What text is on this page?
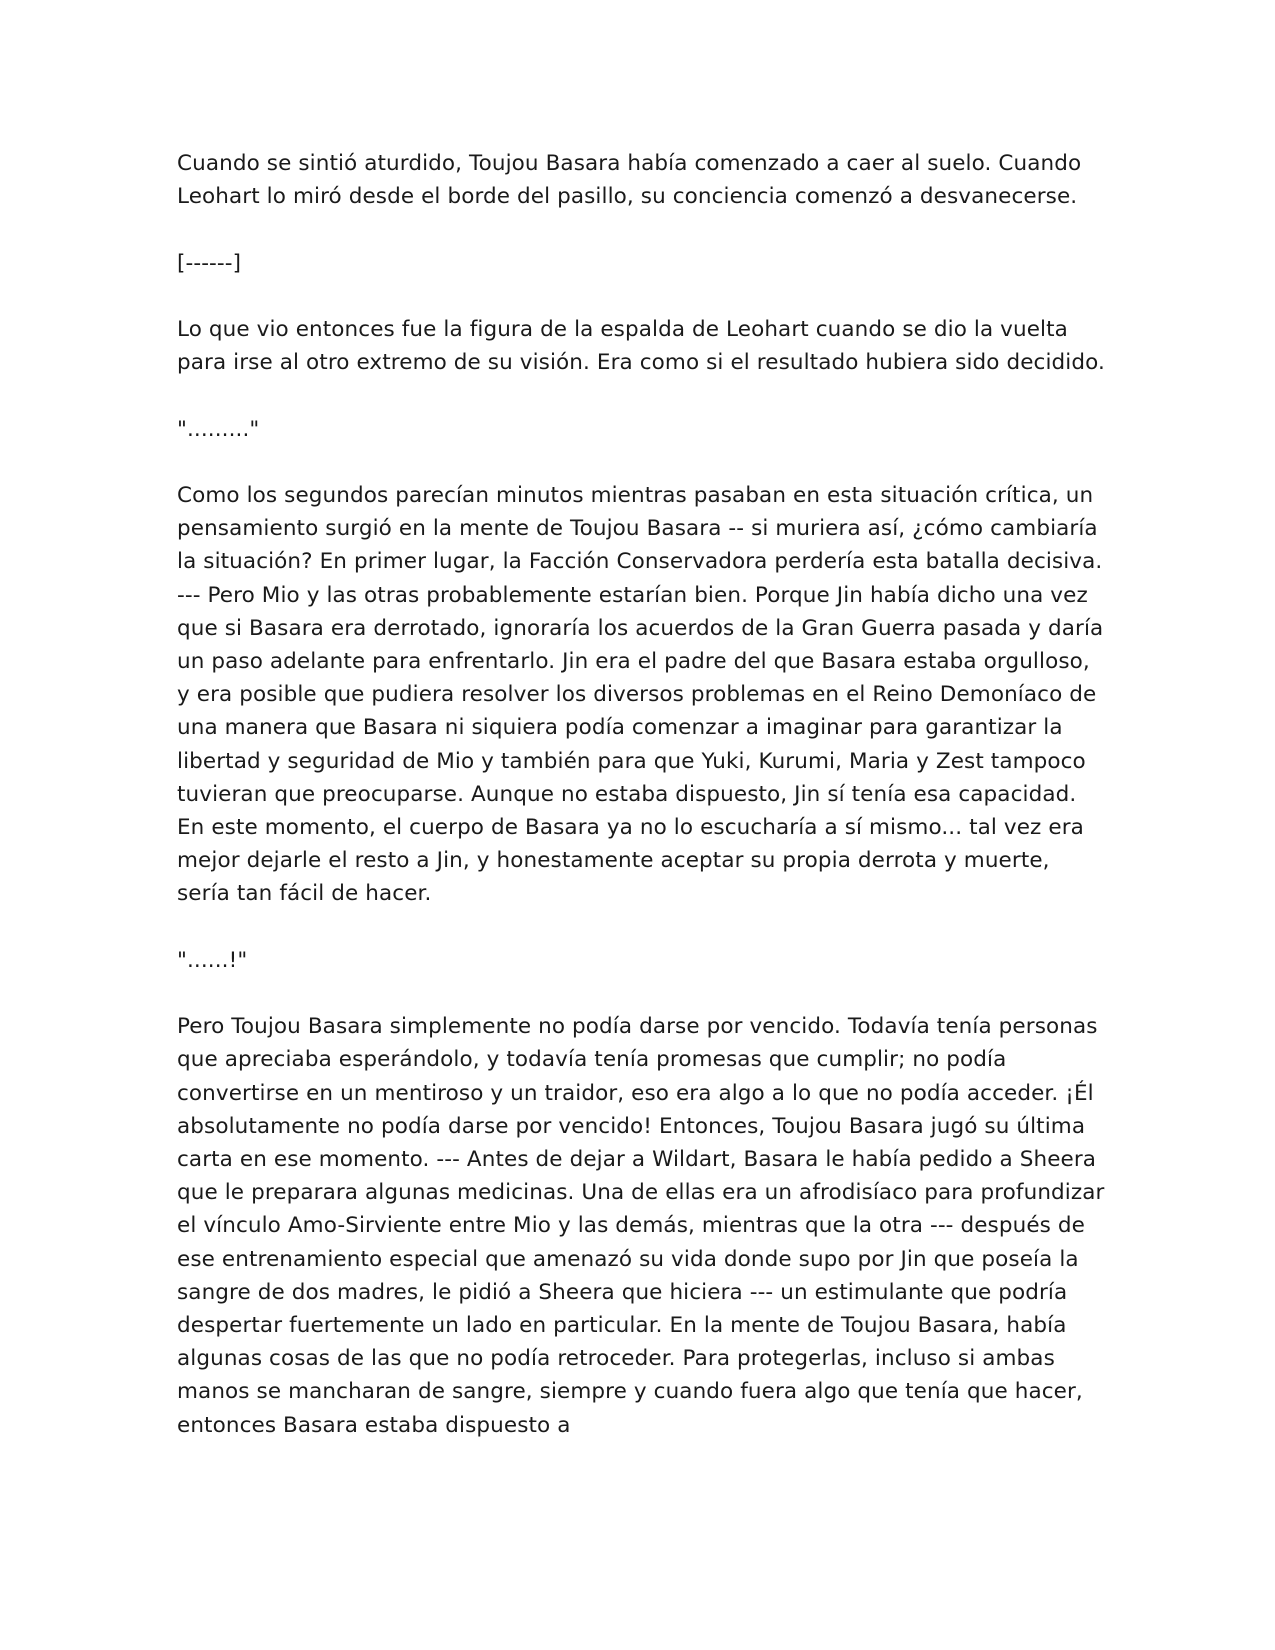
Cuando se sintió aturdido, Toujou Basara había comenzado a caer al suelo. Cuando Leohart lo miró desde el borde del pasillo, su conciencia comenzó a desvanecerse.

[------]

Lo que vio entonces fue la figura de la espalda de Leohart cuando se dio la vuelta para irse al otro extremo de su visión. Era como si el resultado hubiera sido decidido.

"........."

Como los segundos parecían minutos mientras pasaban en esta situación crítica, un pensamiento surgió en la mente de Toujou Basara -- si muriera así, ¿cómo cambiaría la situación? En primer lugar, la Facción Conservadora perdería esta batalla decisiva. --- Pero Mio y las otras probablemente estarían bien. Porque Jin había dicho una vez que si Basara era derrotado, ignoraría los acuerdos de la Gran Guerra pasada y daría un paso adelante para enfrentarlo. Jin era el padre del que Basara estaba orgulloso, y era posible que pudiera resolver los diversos problemas en el Reino Demoníaco de una manera que Basara ni siquiera podía comenzar a imaginar para garantizar la libertad y seguridad de Mio y también para que Yuki, Kurumi, Maria y Zest tampoco tuvieran que preocuparse. Aunque no estaba dispuesto, Jin sí tenía esa capacidad. En este momento, el cuerpo de Basara ya no lo escucharía a sí mismo... tal vez era mejor dejarle el resto a Jin, y honestamente aceptar su propia derrota y muerte, sería tan fácil de hacer.

"......!"

Pero Toujou Basara simplemente no podía darse por vencido. Todavía tenía personas que apreciaba esperándolo, y todavía tenía promesas que cumplir; no podía convertirse en un mentiroso y un traidor, eso era algo a lo que no podía acceder. ¡Él absolutamente no podía darse por vencido! Entonces, Toujou Basara jugó su última carta en ese momento. --- Antes de dejar a Wildart, Basara le había pedido a Sheera que le preparara algunas medicinas. Una de ellas era un afrodisíaco para profundizar el vínculo Amo-Sirviente entre Mio y las demás, mientras que la otra --- después de ese entrenamiento especial que amenazó su vida donde supo por Jin que poseía la sangre de dos madres, le pidió a Sheera que hiciera --- un estimulante que podría despertar fuertemente un lado en particular. En la mente de Toujou Basara, había algunas cosas de las que no podía retroceder. Para protegerlas, incluso si ambas manos se mancharan de sangre, siempre y cuando fuera algo que tenía que hacer, entonces Basara estaba dispuesto a
